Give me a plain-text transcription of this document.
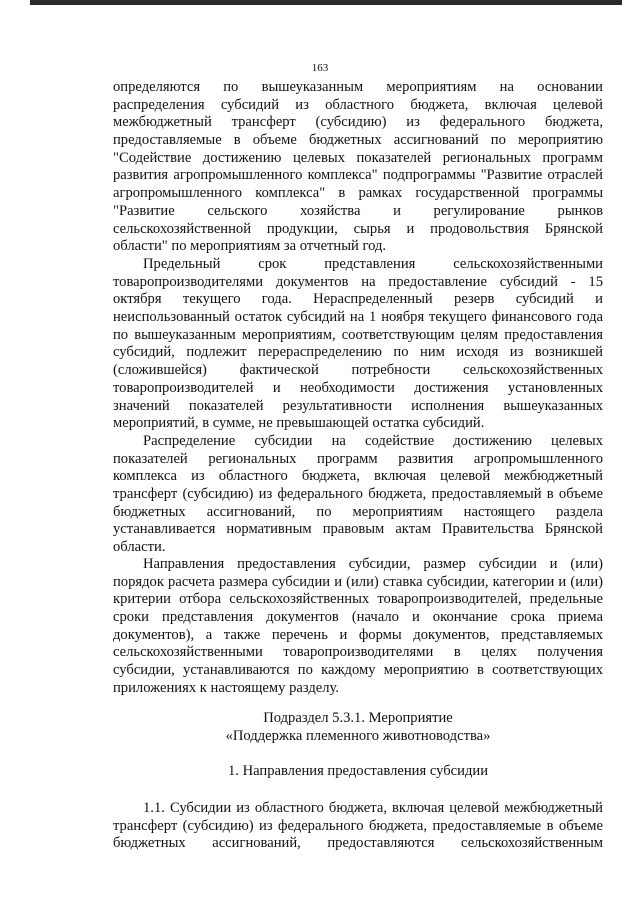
163
определяются по вышеуказанным мероприятиям на основании
распределения субсидий из областного бюджета, включая целевой
межбюджетный трансферт (субсидию) из федерального бюджета,
предоставляемые в объеме бюджетных ассигнований по мероприятию
"Содействие достижению целевых показателей региональных программ
развития агропромышленного комплекса" подпрограммы "Развитие отраслей
агропромышленного комплекса" в рамках государственной программы
"Развитие сельского хозяйства и регулирование рынков
сельскохозяйственной продукции, сырья и продовольствия Брянской
области" по мероприятиям за отчетный год.
Предельный срок представления сельскохозяйственными
товаропроизводителями документов на предоставление субсидий - 15
октября текущего года. Нераспределенный резерв субсидий и
неиспользованный остаток субсидий на 1 ноября текущего финансового года
по вышеуказанным мероприятиям, соответствующим целям предоставления
субсидий, подлежит перераспределению по ним исходя из возникшей
(сложившейся) фактической потребности сельскохозяйственных
товаропроизводителей и необходимости достижения установленных
значений показателей результативности исполнения вышеуказанных
мероприятий, в сумме, не превышающей остатка субсидий.
Распределение субсидии на содействие достижению целевых
показателей региональных программ развития агропромышленного
комплекса из областного бюджета, включая целевой межбюджетный
трансферт (субсидию) из федерального бюджета, предоставляемый в объеме
бюджетных ассигнований, по мероприятиям настоящего раздела
устанавливается нормативным правовым актам Правительства Брянской
области.
Направления предоставления субсидии, размер субсидии и (или)
порядок расчета размера субсидии и (или) ставка субсидии, категории и (или)
критерии отбора сельскохозяйственных товаропроизводителей, предельные
сроки представления документов (начало и окончание срока приема
документов), а также перечень и формы документов, представляемых
сельскохозяйственными товаропроизводителями в целях получения
субсидии, устанавливаются по каждому мероприятию в соответствующих
приложениях к настоящему разделу.
Подраздел 5.3.1. Мероприятие
«Поддержка племенного животноводства»
1. Направления предоставления субсидии
1.1. Субсидии из областного бюджета, включая целевой межбюджетный
трансферт (субсидию) из федерального бюджета, предоставляемые в объеме
бюджетных ассигнований, предоставляются сельскохозяйственным
